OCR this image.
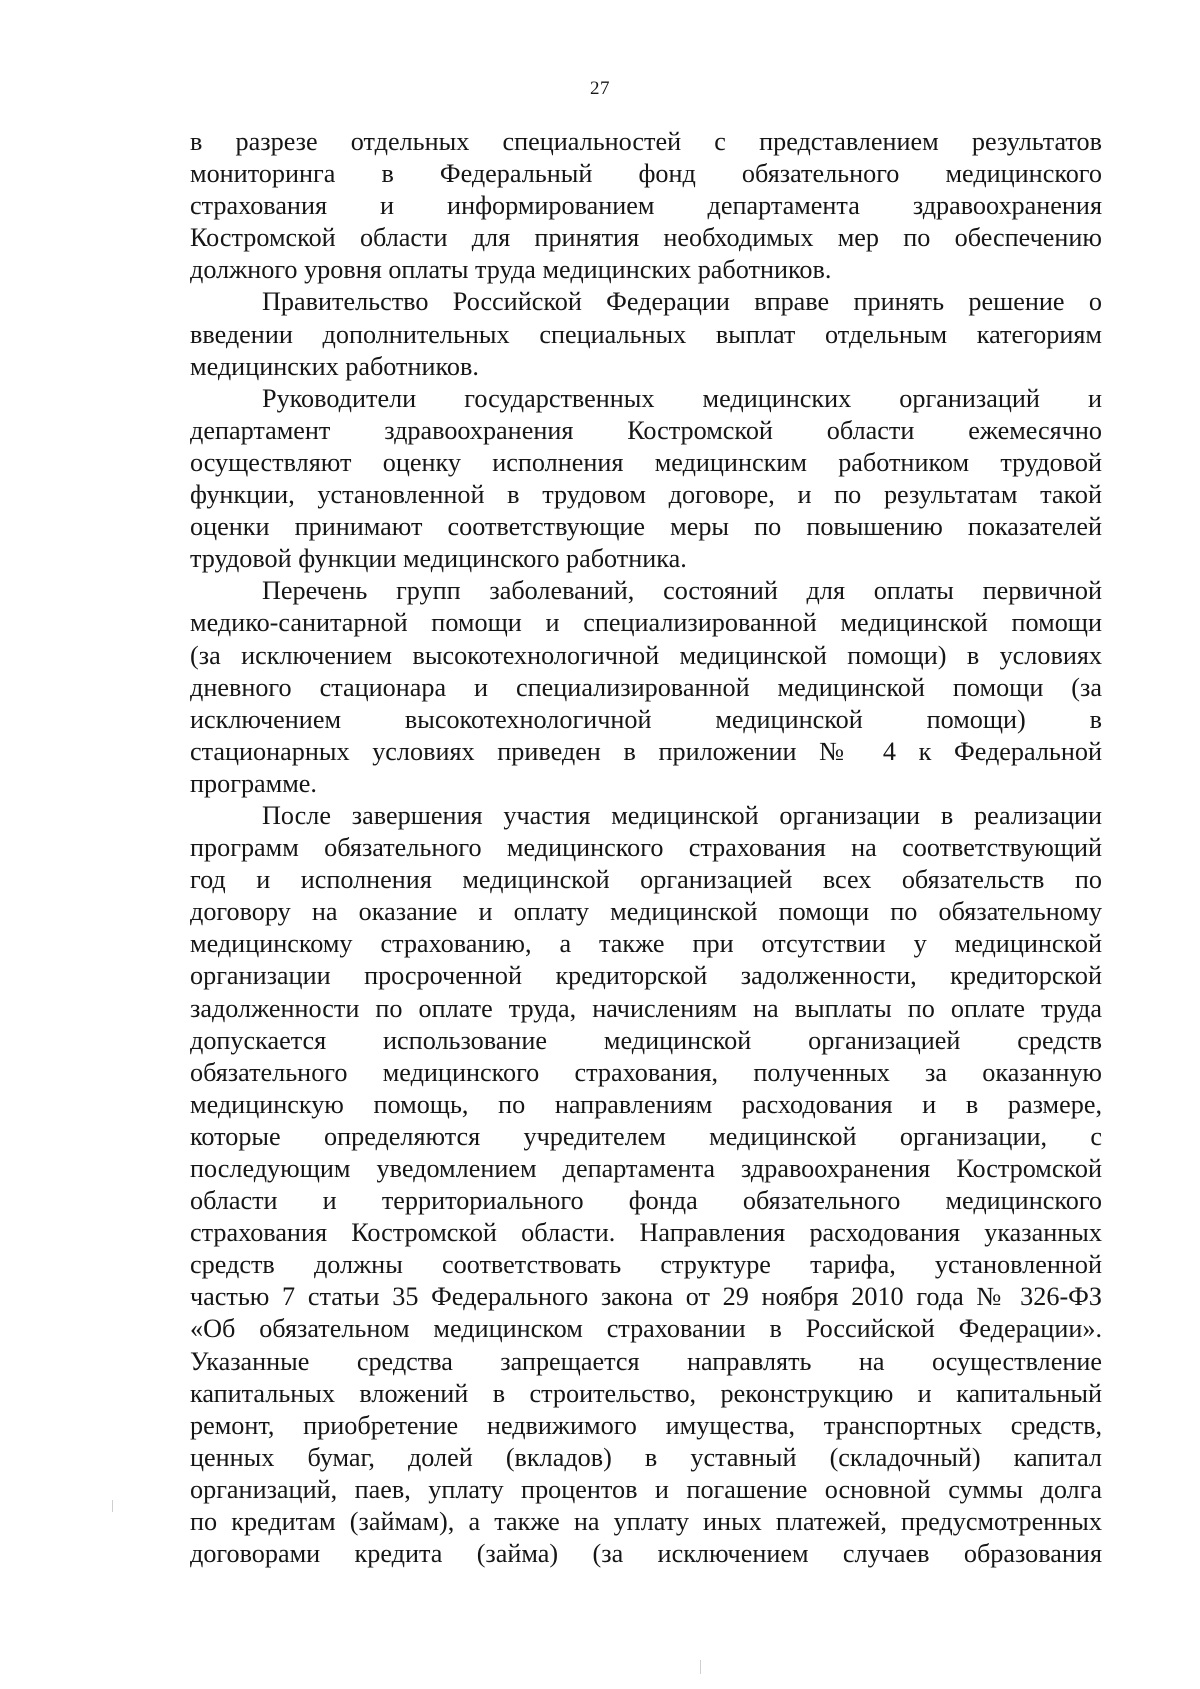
27

в разрезе отдельных специальностей с представлением результатов
мониторинга в Федеральный фонд обязательного медицинского
страхования и информированием департамента здравоохранения
Костромской области для принятия необходимых мер по обеспечению
должного уровня оплаты труда медицинских работников.

Правительство Российской Федерации вправе принять решение о
введении дополнительных специальных выплат отдельным категориям
медицинских работников.

Руководители государственных медицинских организаций и
департамент здравоохранения Костромской области ежемесячно
осуществляют оценку исполнения медицинским работником трудовой
функции, установленной в трудовом договоре, и по результатам такой
оценки принимают соответствующие меры по повышению показателей
трудовой функции медицинского работника.

Перечень групп заболеваний, состояний для оплаты первичной
медико-санитарной помощи и специализированной медицинской помощи
(за исключением высокотехнологичной медицинской помощи) в условиях
дневного стационара и специализированной медицинской помощи (за
исключением высокотехнологичной медицинской помощи) в
стационарных условиях приведен в приложении № 4 к Федеральной
программе.

После завершения участия медицинской организации в реализации
программ обязательного медицинского страхования на соответствующий
год и исполнения медицинской организацией всех обязательств по
договору на оказание и оплату медицинской помощи по обязательному
медицинскому страхованию, а также при отсутствии у медицинской
организации просроченной кредиторской задолженности, кредиторской
задолженности по оплате труда, начислениям на выплаты по оплате труда
допускается использование медицинской организацией средств
обязательного медицинского страхования, полученных за оказанную
медицинскую помощь, по направлениям расходования и в размере,
которые определяются учредителем медицинской организации, с
последующим уведомлением департамента здравоохранения Костромской
области и территориального фонда обязательного медицинского
страхования Костромской области. Направления расходования указанных
средств должны соответствовать структуре тарифа, установленной
частью 7 статьи 35 Федерального закона от 29 ноября 2010 года № 326-ФЗ
«Об обязательном медицинском страховании в Российской Федерации».
Указанные средства запрещается направлять на осуществление
капитальных вложений в строительство, реконструкцию и капитальный
ремонт, приобретение недвижимого имущества, транспортных средств,
ценных бумаг, долей (вкладов) в уставный (складочный) капитал
организаций, паев, уплату процентов и погашение основной суммы долга
по кредитам (займам), а также на уплату иных платежей, предусмотренных
договорами кредита (займа) (за исключением случаев образования
